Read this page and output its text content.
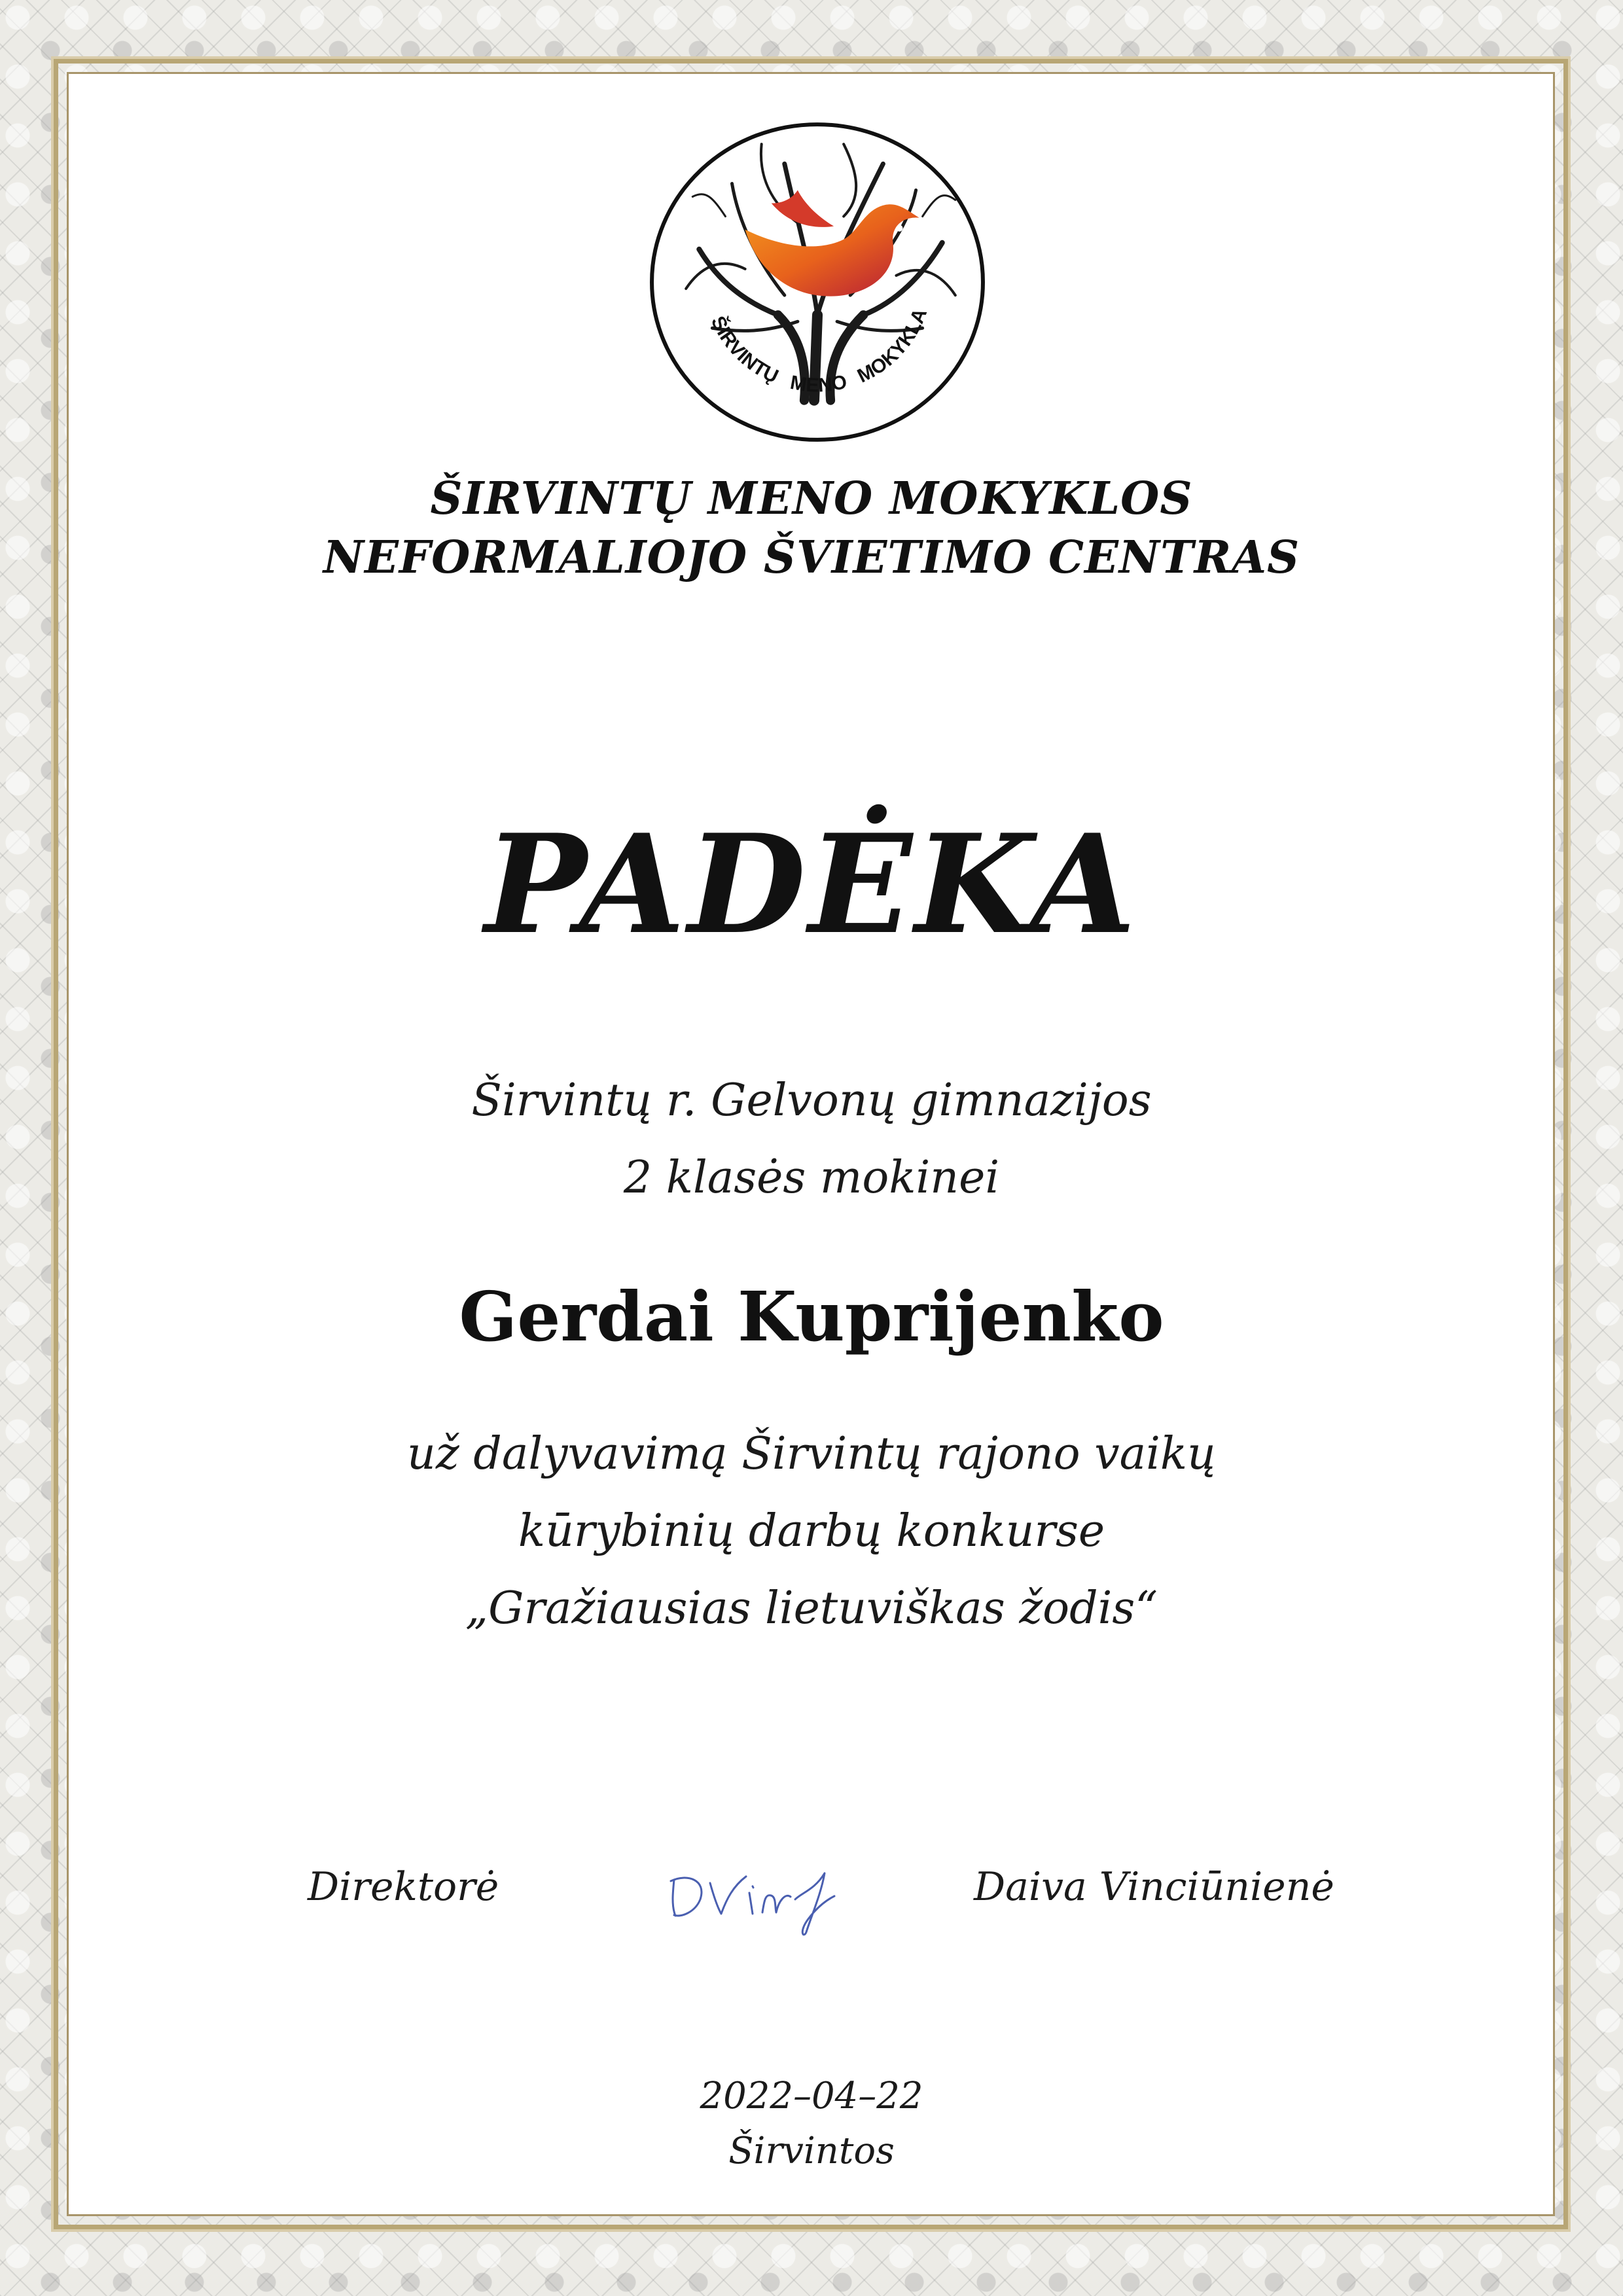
ŠIRVINTŲ MENO MOKYKLA
ŠIRVINTŲ MENO MOKYKLOS
NEFORMALIOJO ŠVIETIMO CENTRAS
PADĖKA
Širvintų r. Gelvonų gimnazijos
2 klasės mokinei
Gerdai Kuprijenko
už dalyvavimą Širvintų rajono vaikų
kūrybinių darbų konkurse
„Gražiausias lietuviškas žodis“
Direktorė	Daiva Vinciūnienė
2022–04–22
Širvintos
